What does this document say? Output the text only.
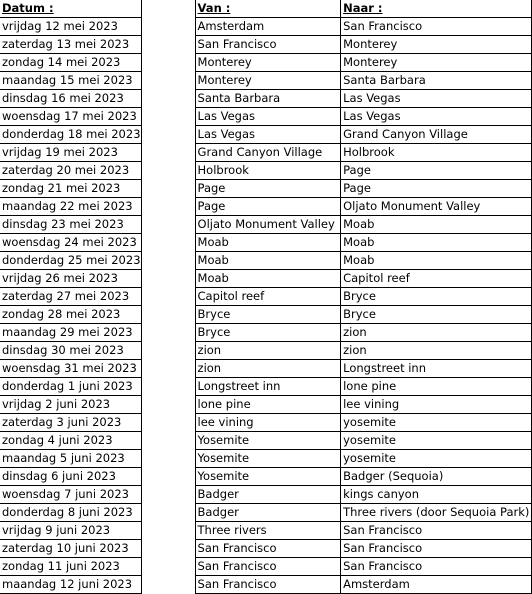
Datum :		Van :	Naar :
vrijdag 12 mei 2023		Amsterdam	San Francisco
zaterdag 13 mei 2023		San Francisco	Monterey
zondag 14 mei 2023		Monterey	Monterey
maandag 15 mei 2023		Monterey	Santa Barbara
dinsdag 16 mei 2023		Santa Barbara	Las Vegas
woensdag 17 mei 2023		Las Vegas	Las Vegas
donderdag 18 mei 2023		Las Vegas	Grand Canyon Village
vrijdag 19 mei 2023		Grand Canyon Village	Holbrook
zaterdag 20 mei 2023		Holbrook	Page
zondag 21 mei 2023		Page	Page
maandag 22 mei 2023		Page	Oljato Monument Valley
dinsdag 23 mei 2023		Oljato Monument Valley	Moab
woensdag 24 mei 2023		Moab	Moab
donderdag 25 mei 2023		Moab	Moab
vrijdag 26 mei 2023		Moab	Capitol reef
zaterdag 27 mei 2023		Capitol reef	Bryce
zondag 28 mei 2023		Bryce	Bryce
maandag 29 mei 2023		Bryce	zion
dinsdag 30 mei 2023		zion	zion
woensdag 31 mei 2023		zion	Longstreet inn
donderdag 1 juni 2023		Longstreet inn	lone pine
vrijdag 2 juni 2023		lone pine	lee vining
zaterdag 3 juni 2023		lee vining	yosemite
zondag 4 juni 2023		Yosemite	yosemite
maandag 5 juni 2023		Yosemite	yosemite
dinsdag 6 juni 2023		Yosemite	Badger (Sequoia)
woensdag 7 juni 2023		Badger	kings canyon
donderdag 8 juni 2023		Badger	Three rivers (door Sequoia Park)
vrijdag 9 juni 2023		Three rivers	San Francisco
zaterdag 10 juni 2023		San Francisco	San Francisco
zondag 11 juni 2023		San Francisco	San Francisco
maandag 12 juni 2023		San Francisco	Amsterdam
